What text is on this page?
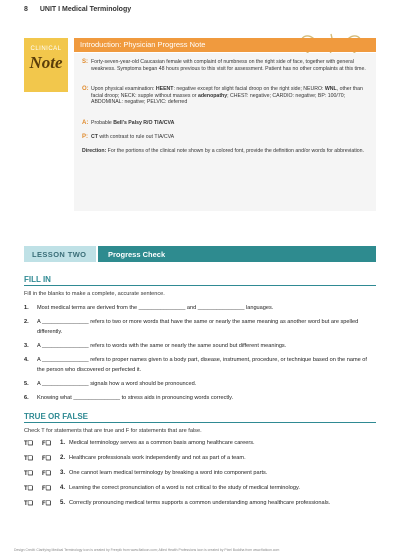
8 UNIT I Medical Terminology
CLINICAL
Note
Introduction: Physician Progress Note
S: Forty-seven-year-old Caucasian female with complaint of numbness on the right side of face, together with general weakness. Symptoms began 48 hours previous to this visit for assessment. Patient has no other complaints at this time.
O: Upon physical examination: HEENT: negative except for slight facial droop on the right side; NEURO: WNL, other than facial droop; NECK: supple without masses or adenopathy; CHEST: negative; CARDIO: negative; BP: 100/70; ABDOMINAL: negative; PELVIC: deferred
A: Probable Bell's Palsy R/O TIA/CVA
P: CT with contrast to rule out TIA/CVA
Direction: For the portions of the clinical note shown by a colored font, provide the definition and/or words for abbreviation.
LESSON TWO	Progress Check
FILL IN
Fill in the blanks to make a complete, accurate sentence.
1. Most medical terms are derived from the _______________ and _______________ languages.
2. A _______________ refers to two or more words that have the same or nearly the same meaning as another word but are spelled differently.
3. A _______________ refers to words with the same or nearly the same sound but different meanings.
4. A _______________ refers to proper names given to a body part, disease, instrument, procedure, or technique based on the name of the person who discovered or perfected it.
5. A _______________ signals how a word should be pronounced.
6. Knowing what _______________ to stress aids in pronouncing words correctly.
TRUE OR FALSE
Check T for statements that are true and F for statements that are false.
T❑ F❑ 1. Medical terminology serves as a common basis among healthcare careers.
T❑ F❑ 2. Healthcare professionals work independently and not as part of a team.
T❑ F❑ 3. One cannot learn medical terminology by breaking a word into component parts.
T❑ F❑ 4. Learning the correct pronunciation of a word is not critical to the study of medical terminology.
T❑ F❑ 5. Correctly pronouncing medical terms supports a common understanding among healthcare professionals.
Design Credit: Clarifying Medical Terminology icon is created by Freepik from www.flaticon.com; Allied Health Professions icon is created by Pixel Buddha from www.flaticon.com
